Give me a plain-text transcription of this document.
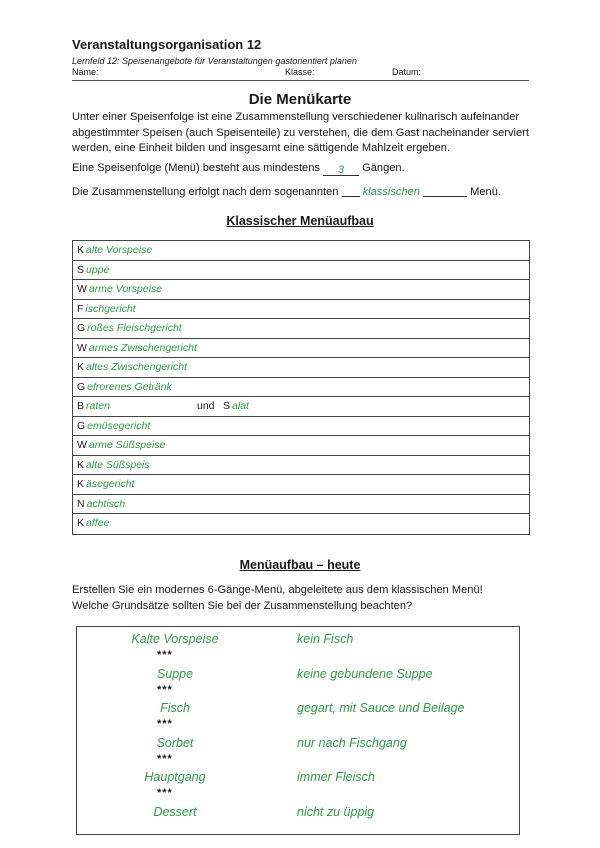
Veranstaltungsorganisation 12
Lernfeld 12: Speisenangebote für Veranstaltungen gastorientiert planen
Name:	Klasse:	Datum:
Die Menükarte
Unter einer Speisenfolge ist eine Zusammenstellung verschiedener kulinarisch aufeinander abgestimmter Speisen (auch Speisenteile) zu verstehen, die dem Gast nacheinander serviert werden, eine Einheit bilden und insgesamt eine sättigende Mahlzeit ergeben.
Eine Speisenfolge (Menü) besteht aus mindestens 3 Gängen.
Die Zusammenstellung erfolgt nach dem sogenannten klassischen	Menü.
Klassischer Menüaufbau
K alte Vorspeise
S uppe
W arme Vorspeise
F ischgericht
G roßes Fleischgericht
W armes Zwischengericht
K altes Zwischengericht
G efrorenes Getränk
B raten	und S alat
G emüsegericht
W arme Süßspeise
K alte Süßspeis
K äsegericht
N achtisch
K affee
Menüaufbau – heute
Erstellen Sie ein modernes 6-Gänge-Menü, abgeleitete aus dem klassischen Menü!
Welche Grundsätze sollten Sie bei der Zusammenstellung beachten?
Kalte Vorspeise	kein Fisch
***
Suppe	keine gebundene Suppe
***
Fisch	gegart, mit Sauce und Beilage
***
Sorbet	nur nach Fischgang
***
Hauptgang	immer Fleisch
***
Dessert	nicht zu üppig
